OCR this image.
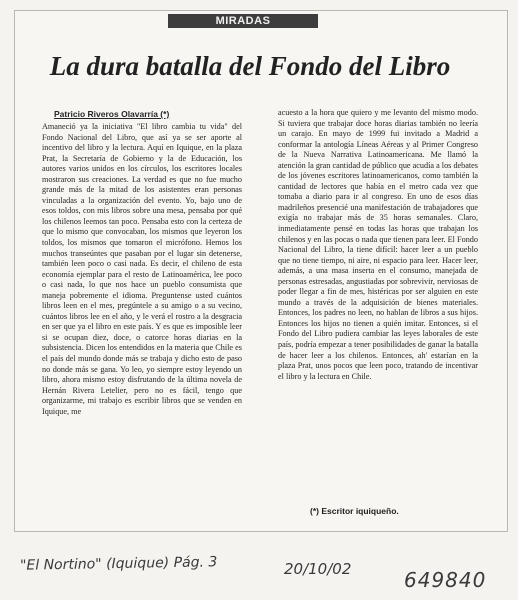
MIRADAS
La dura batalla del Fondo del Libro
Patricio Riveros Olavarría (*)
Amaneció ya la iniciativa "El libro cambia tu vida" del Fondo Nacional del Libro, que así ya se ser aporte al incentivo del libro y la lectura. Aquí en Iquique, en la plaza Prat, la Secretaría de Gobierno y la de Educación, los autores varios unidos en los círculos, los escritores locales mostraron sus creaciones. La verdad es que no fue mucho grande más de la mitad de los asistentes eran personas vinculadas a la organización del evento. Yo, bajo uno de esos toldos, con mis libros sobre una mesa, pensaba por qué los chilenos leemos tan poco. Pensaba esto con la certeza de que lo mismo que convocaban, los mismos que leyeron los toldos, los mismos que tomaron el micrófono. Hemos los muchos transeúntes que pasaban por el lugar sin detenerse, también leen poco o casi nada. Es decir, el chileno de esta economía ejemplar para el resto de Latinoamérica, lee poco o casi nada, lo que nos hace un pueblo consumista que maneja pobremente el idioma. Preguntense usted cuántos libros leen en el mes, pregúntele a su amigo o a su vecino, cuántos libros lee en el año, y le verá el rostro a la desgracia en ser que ya el libro en este país. Y es que es imposible leer si se ocupan diez, doce, o catorce horas diarias en la subsistencia. Dicen los entendidos en la materia que Chile es el país del mundo donde más se trabaja y dicho esto de paso no donde más se gana. Yo leo, yo siempre estoy leyendo un libro, ahora mismo estoy disfrutando de la última novela de Hernán Rivera Letelier, pero no es fácil, tengo que organizarme, mi trabajo es escribir libros que se venden en Iquique, me
acuesto a la hora que quiero y me levanto del mismo modo. Si tuviera que trabajar doce horas diarias también no leería un carajo. En mayo de 1999 fui invitado a Madrid a conformar la antología Líneas Aéreas y al Primer Congreso de la Nueva Narrativa Latinoamericana. Me llamó la atención la gran cantidad de público que acudía a los debates de los jóvenes escritores latinoamericanos, como también la cantidad de lectores que había en el metro cada vez que tomaba a diario para ir al congreso. En uno de esos días madrileños presencié una manifestación de trabajadores que exigía no trabajar más de 35 horas semanales. Claro, inmediatamente pensé en todas las horas que trabajan los chilenos y en las pocas o nada que tienen para leer. El Fondo Nacional del Libro, la tiene difícil: hacer leer a un pueblo que no tiene tiempo, ni aire, ni espacio para leer. Hacer leer, además, a una masa inserta en el consumo, manejada de personas estresadas, angustiadas por sobrevivir, nerviosas de poder llegar a fin de mes, histéricas por ser alguien en este mundo a través de la adquisición de bienes materiales. Entonces, los padres no leen, no hablan de libros a sus hijos. Entonces los hijos no tienen a quién imitar. Entonces, si el Fondo del Libro pudiera cambiar las leyes laborales de este país, podría empezar a tener posibilidades de ganar la batalla de hacer leer a los chilenos. Entonces, ah' estarían en la plaza Prat, unos pocos que leen poco, tratando de incentivar el libro y la lectura en Chile.
(*) Escritor iquiqueño.
"El Nortino" (Iquique) Pág. 3	20/10/02	649840
